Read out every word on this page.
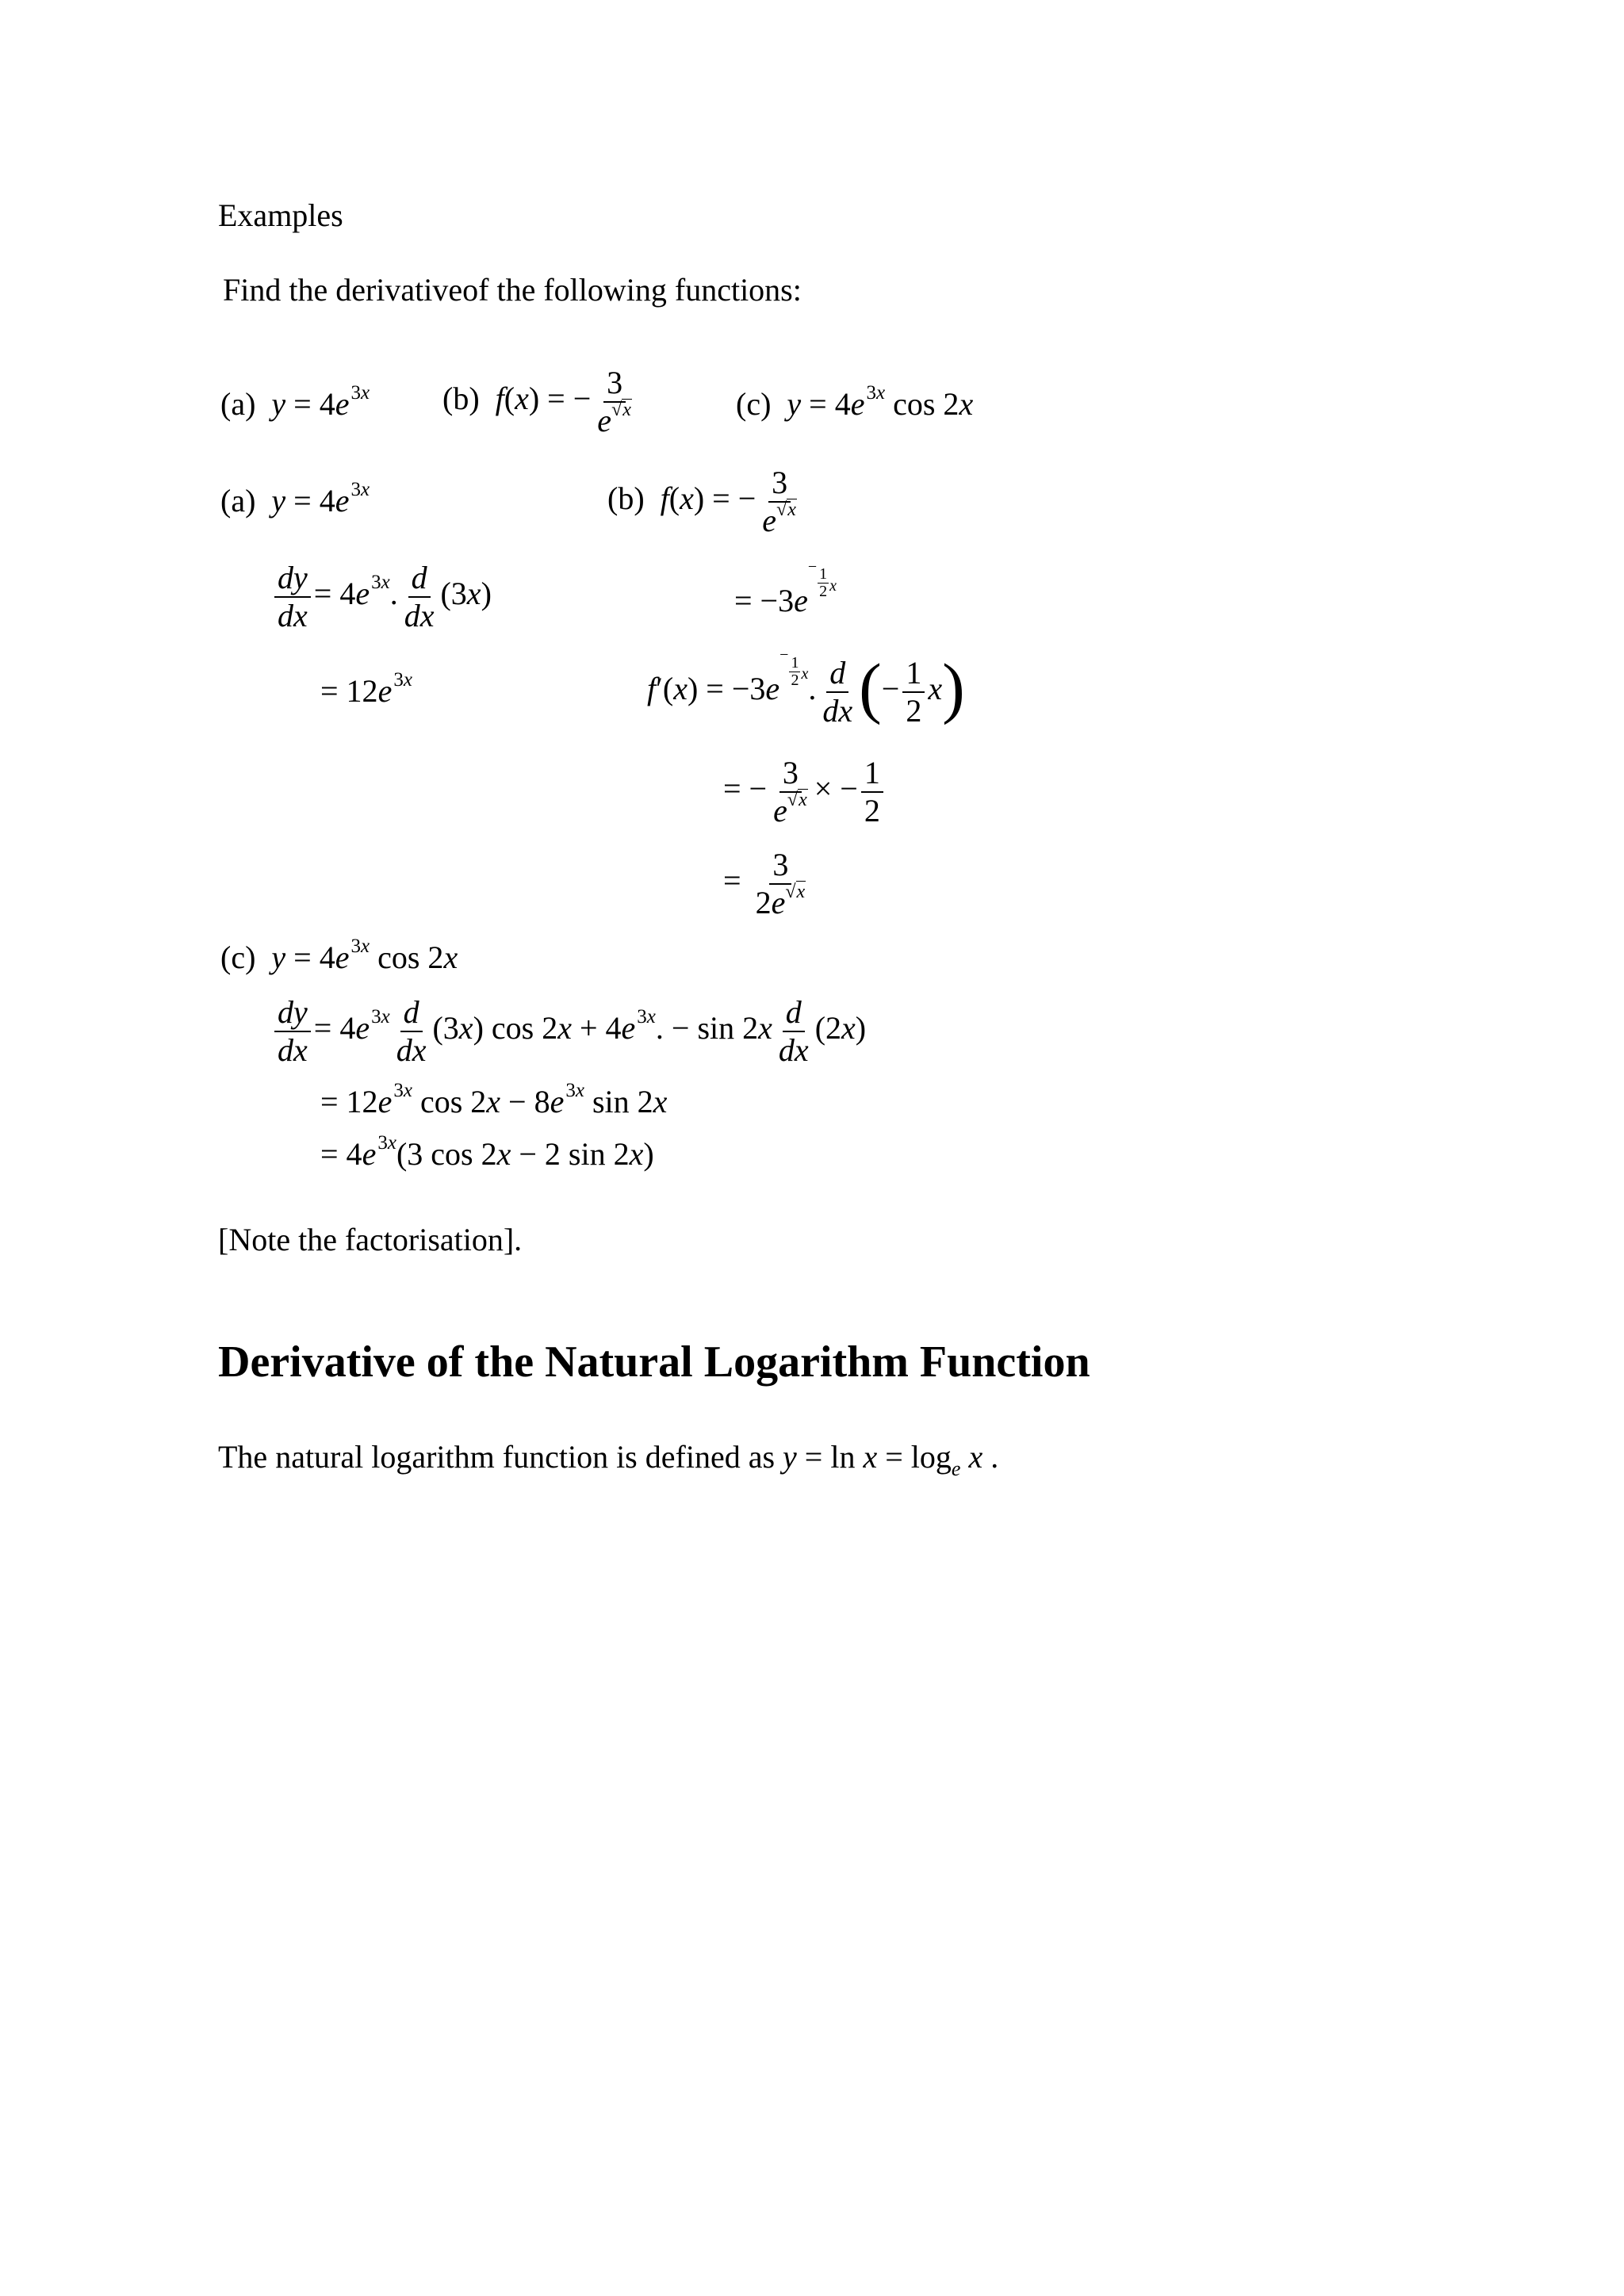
Examples
Find the derivativeof the following functions:
(a) $y = 4e^{3x}$ (b) f(x) = − $\frac{3}{e^{√x}}$	(c) $y = 4e^{3x}$ cos 2x
(a) $y = 4e^{3x}$
$\frac{dy}{dx} = 4e^{3x}$. $\frac{d}{dx} (3x)$
= $12e^{3x}$
(b) f(x) = − $\frac{3}{e^{√x}}$
= $-3e^- \frac{1}{2}$ x
$f'(x) = -3e^- \frac{1}{2} x$. $\frac{d}{dx}$ (− $\frac{1}{2} x$)
= − $\frac{3}{e^{√x}}$ × − $\frac{1}{2}$
= $\frac{3}{2e^{√x}}$
(c) $y = 4e^{3x}$ cos 2x
$\frac{dy}{dx} = 4e^{3x} \frac{d}{dx} (3x)$ $\cos 2x + 4e^{3x}$. − $\sin 2x \frac{d}{dx} (2x)$
= $12e^{3x}$ $\cos 2x - 8e^{3x}$ sin 2x
= $4e^{3x}(3$ cos 2x − 2 sin 2x)
[Note the factorisation].
Derivative of the Natural Logarithm Function
The natural logarithm function is defined as $y = \ln x = \log_e x$ .
